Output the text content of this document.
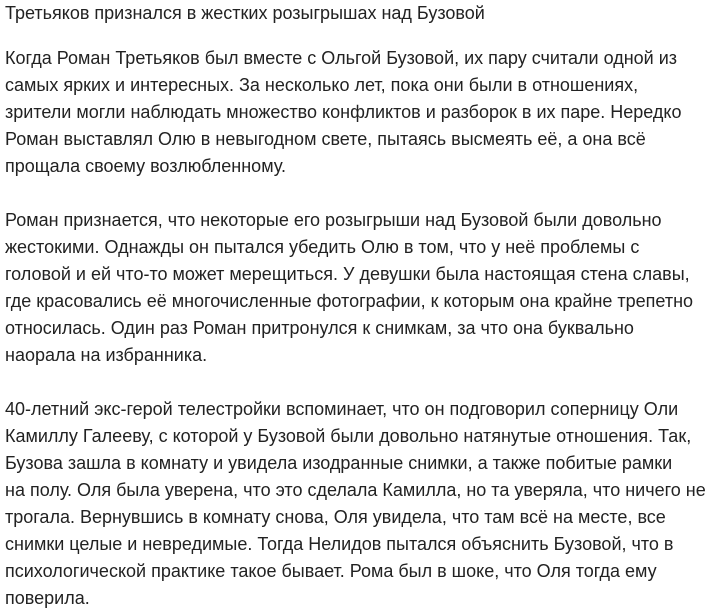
Третьяков признался в жестких розыгрышах над Бузовой

Когда Роман Третьяков был вместе с Ольгой Бузовой, их пару считали одной из
самых ярких и интересных. За несколько лет, пока они были в отношениях,
зрители могли наблюдать множество конфликтов и разборок в их паре. Нередко
Роман выставлял Олю в невыгодном свете, пытаясь высмеять её, а она всё
прощала своему возлюбленному.

Роман признается, что некоторые его розыгрыши над Бузовой были довольно
жестокими. Однажды он пытался убедить Олю в том, что у неё проблемы с
головой и ей что-то может мерещиться. У девушки была настоящая стена славы,
где красовались её многочисленные фотографии, к которым она крайне трепетно
относилась. Один раз Роман притронулся к снимкам, за что она буквально
наорала на избранника.

40-летний экс-герой телестройки вспоминает, что он подговорил соперницу Оли
Камиллу Галееву, с которой у Бузовой были довольно натянутые отношения. Так,
Бузова зашла в комнату и увидела изодранные снимки, а также побитые рамки
на полу. Оля была уверена, что это сделала Камилла, но та уверяла, что ничего не
трогала. Вернувшись в комнату снова, Оля увидела, что там всё на месте, все
снимки целые и невредимые. Тогда Нелидов пытался объяснить Бузовой, что в
психологической практике такое бывает. Рома был в шоке, что Оля тогда ему
поверила.
